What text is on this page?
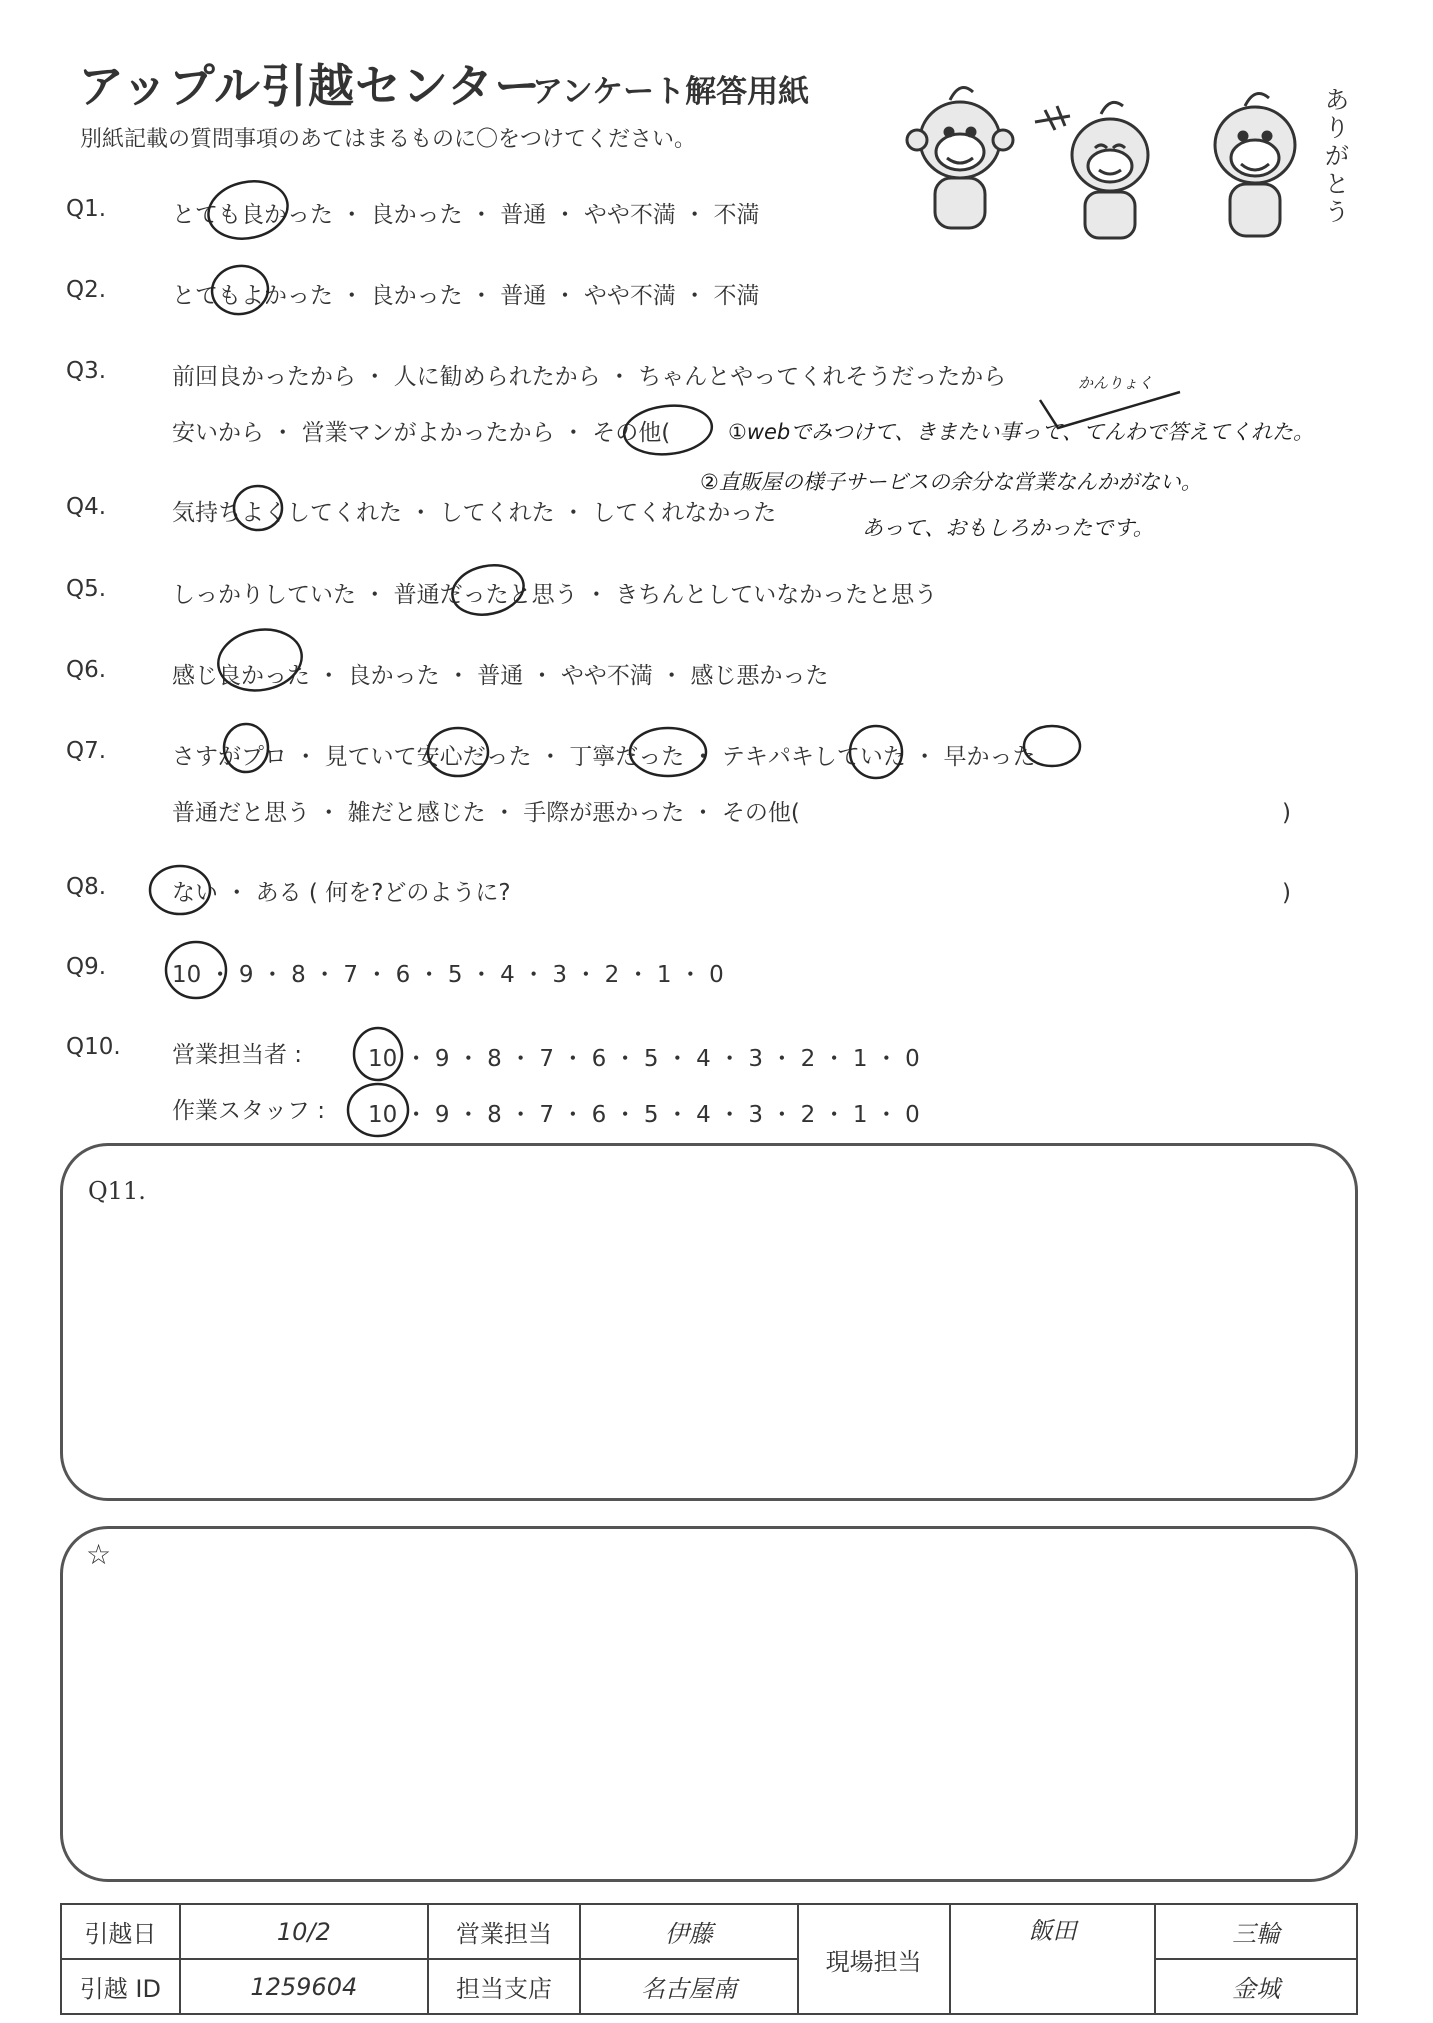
アップル引越センター
アンケート解答用紙
別紙記載の質問事項のあてはまるものに〇をつけてください。
ありがとう
Q1.	とても良かった ・ 良かった ・ 普通 ・ やや不満 ・ 不満
Q2.	とてもよかった ・ 良かった ・ 普通 ・ やや不満 ・ 不満
Q3.	前回良かったから ・ 人に勧められたから ・ ちゃんとやってくれそうだったから
安いから ・ 営業マンがよかったから ・ その他(
Q4.	気持ちよくしてくれた ・ してくれた ・ してくれなかった
Q5.	しっかりしていた ・ 普通だったと思う ・ きちんとしていなかったと思う
Q6.	感じ良かった ・ 良かった ・ 普通 ・ やや不満 ・ 感じ悪かった
Q7.	さすがプロ ・ 見ていて安心だった ・ 丁寧だった ・ テキパキしていた ・ 早かった
普通だと思う ・ 雑だと感じた ・ 手際が悪かった ・ その他(	)
Q8.	ない ・ ある ( 何を?どのように?	)
Q9.	10 ・ 9 ・ 8 ・ 7 ・ 6 ・ 5 ・ 4 ・ 3 ・ 2 ・ 1 ・ 0
Q10. 営業担当者 :	10 ・ 9 ・ 8 ・ 7 ・ 6 ・ 5 ・ 4 ・ 3 ・ 2 ・ 1 ・ 0
作業スタッフ : 10 ・ 9 ・ 8 ・ 7 ・ 6 ・ 5 ・ 4 ・ 3 ・ 2 ・ 1 ・ 0
①webでみつけて、きまたい事って、てんわで答えてくれた。
かんりょく
②直販屋の様子サービスの余分な営業なんかがない。
あって、おもしろかったです。
Q11.
☆
引越日	10/2	営業担当	伊藤	現場担当	飯田	三輪
引越 ID	1259604	担当支店	名古屋南			金城
